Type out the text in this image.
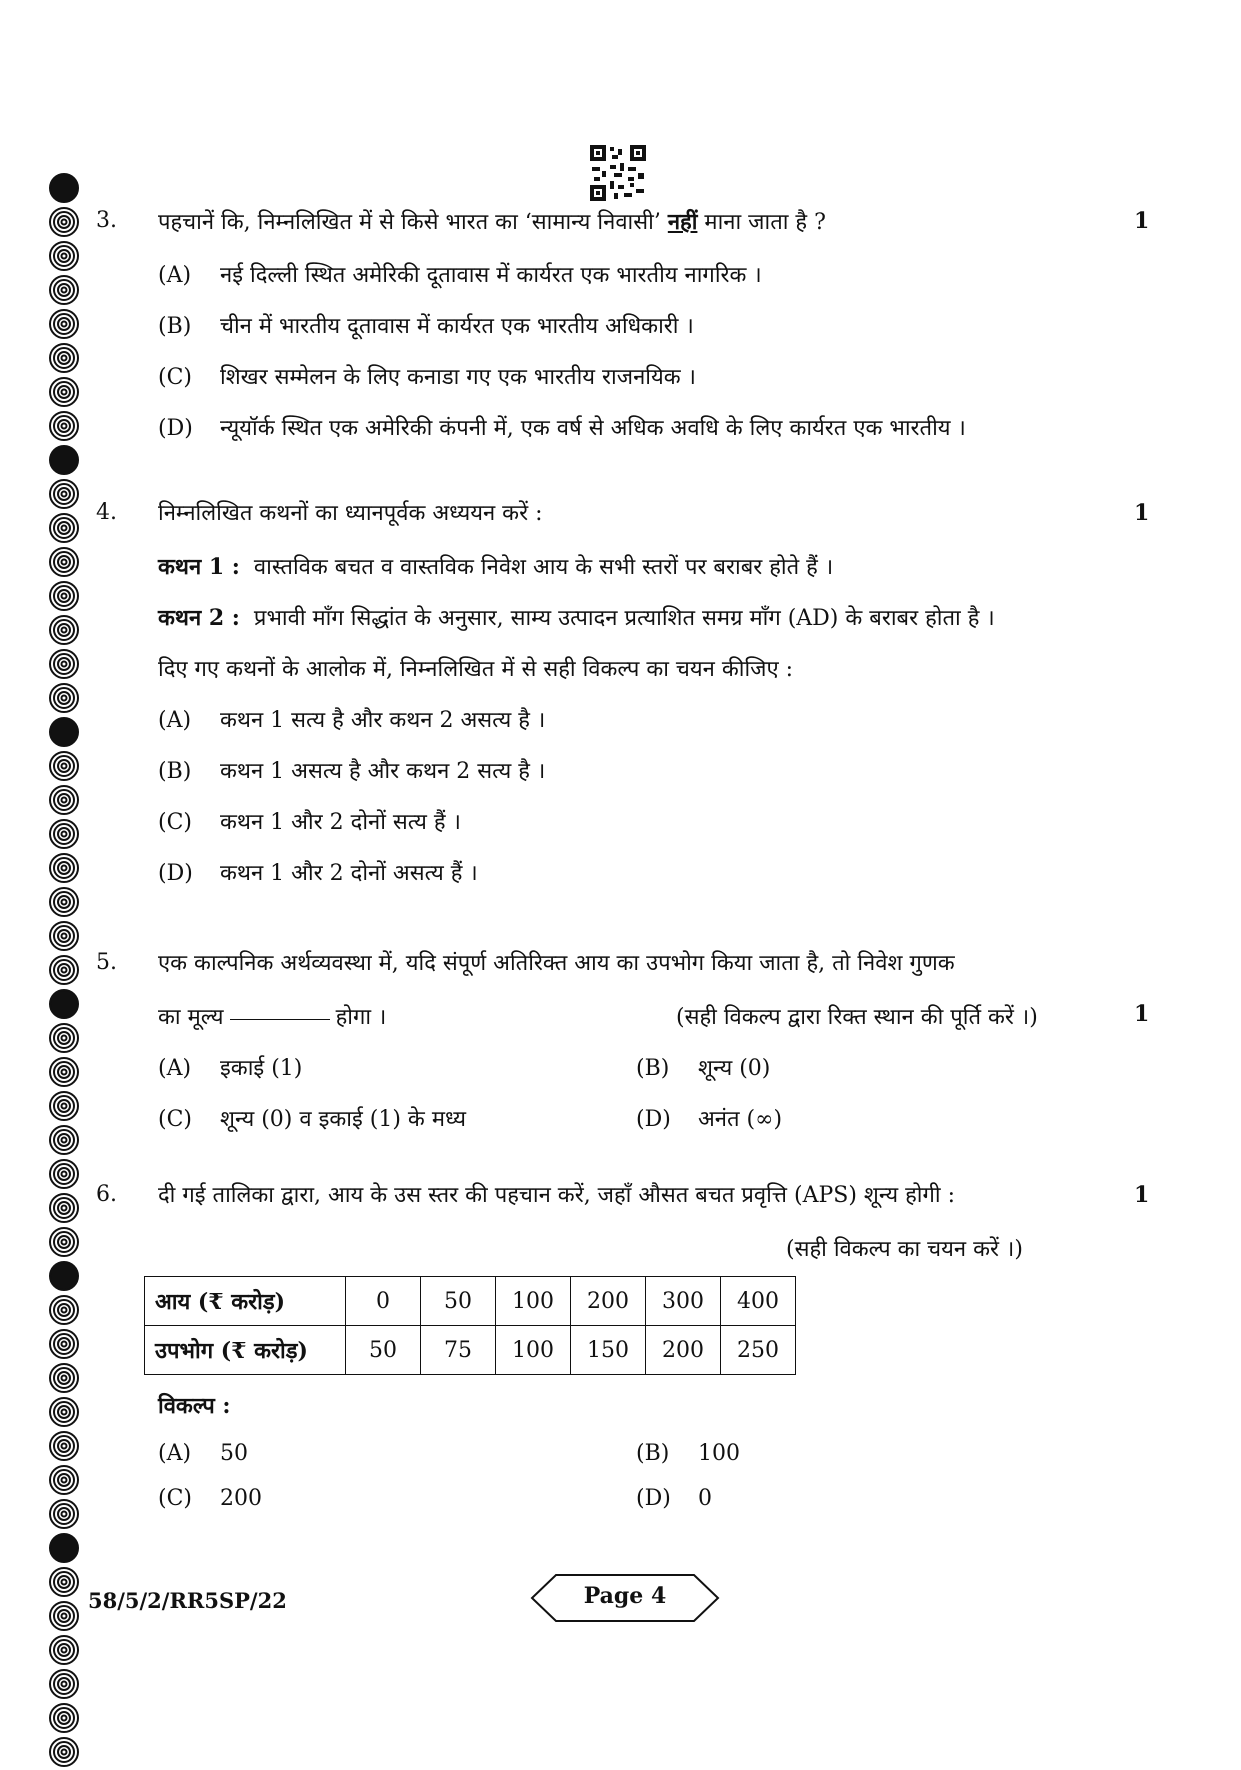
3. पहचानें कि, निम्नलिखित में से किसे भारत का ‘सामान्य निवासी’ नहीं माना जाता है ?	1
(A) नई दिल्ली स्थित अमेरिकी दूतावास में कार्यरत एक भारतीय नागरिक ।
(B) चीन में भारतीय दूतावास में कार्यरत एक भारतीय अधिकारी ।
(C) शिखर सम्मेलन के लिए कनाडा गए एक भारतीय राजनयिक ।
(D) न्यूयॉर्क स्थित एक अमेरिकी कंपनी में, एक वर्ष से अधिक अवधि के लिए कार्यरत एक भारतीय ।
4. निम्नलिखित कथनों का ध्यानपूर्वक अध्ययन करें :	1
कथन 1 : वास्तविक बचत व वास्तविक निवेश आय के सभी स्तरों पर बराबर होते हैं ।
कथन 2 : प्रभावी माँग सिद्धांत के अनुसार, साम्य उत्पादन प्रत्याशित समग्र माँग (AD) के बराबर होता है ।
दिए गए कथनों के आलोक में, निम्नलिखित में से सही विकल्प का चयन कीजिए :
(A) कथन 1 सत्य है और कथन 2 असत्य है ।
(B) कथन 1 असत्य है और कथन 2 सत्य है ।
(C) कथन 1 और 2 दोनों सत्य हैं ।
(D) कथन 1 और 2 दोनों असत्य हैं ।
5. एक काल्पनिक अर्थव्यवस्था में, यदि संपूर्ण अतिरिक्त आय का उपभोग किया जाता है, तो निवेश गुणक
का मूल्य	होगा ।	(सही विकल्प द्वारा रिक्त स्थान की पूर्ति करें ।)	1
(A) इकाई (1)	(B) शून्य (0)
(C) शून्य (0) व इकाई (1) के मध्य	(D) अनंत (∞)
6. दी गई तालिका द्वारा, आय के उस स्तर की पहचान करें, जहाँ औसत बचत प्रवृत्ति (APS) शून्य होगी :	1
(सही विकल्प का चयन करें ।)
आय (₹ करोड़)	0	50	100	200	300	400
उपभोग (₹ करोड़)	50	75	100	150	200	250
विकल्प :
(A) 50	(B) 100
(C) 200	(D) 0
58/5/2/RR5SP/22	Page 4
